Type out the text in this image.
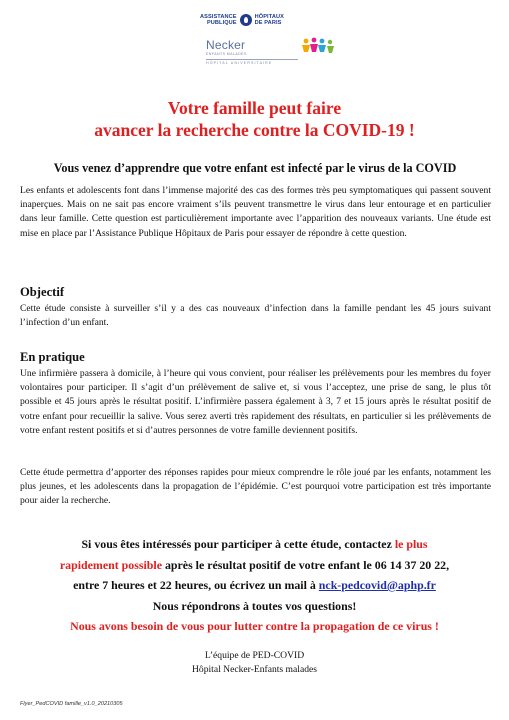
ASSISTANCE
PUBLIQUE
HÔPITAUX
DE PARIS
Necker
ENFANTS MALADES
HÔPITAL UNIVERSITAIRE
Votre famille peut faire
avancer la recherche contre la COVID-19 !
Vous venez d’apprendre que votre enfant est infecté par le virus de la COVID

Les enfants et adolescents font dans l’immense majorité des cas des formes très peu symptomatiques qui passent souvent inaperçues. Mais on ne sait pas encore vraiment s’ils peuvent transmettre le virus dans leur entourage et en particulier dans leur famille. Cette question est particulièrement importante avec l’apparition des nouveaux variants. Une étude est mise en place par l’Assistance Publique Hôpitaux de Paris pour essayer de répondre à cette question.

Objectif

Cette étude consiste à surveiller s’il y a des cas nouveaux d’infection dans la famille pendant les 45 jours suivant l’infection d’un enfant.

En pratique

Une infirmière passera à domicile, à l’heure qui vous convient, pour réaliser les prélèvements pour les membres du foyer volontaires pour participer. Il s’agit d’un prélèvement de salive et, si vous l’acceptez, une prise de sang, le plus tôt possible et 45 jours après le résultat positif. L’infirmière passera également à 3, 7 et 15 jours après le résultat positif de votre enfant pour recueillir la salive. Vous serez averti très rapidement des résultats, en particulier si les prélèvements de votre enfant restent positifs et si d’autres personnes de votre famille deviennent positifs.

Cette étude permettra d’apporter des réponses rapides pour mieux comprendre le rôle joué par les enfants, notamment les plus jeunes, et les adolescents dans la propagation de l’épidémie. C’est pourquoi votre participation est très importante pour aider la recherche.

Si vous êtes intéressés pour participer à cette étude, contactez le plus
rapidement possible après le résultat positif de votre enfant le 06 14 37 20 22,
entre 7 heures et 22 heures, ou écrivez un mail à nck-pedcovid@aphp.fr
Nous répondrons à toutes vos questions!
Nous avons besoin de vous pour lutter contre la propagation de ce virus !
L’équipe de PED-COVID
Hôpital Necker-Enfants malades
Flyer_PedCOVID famille_v1.0_20210305
